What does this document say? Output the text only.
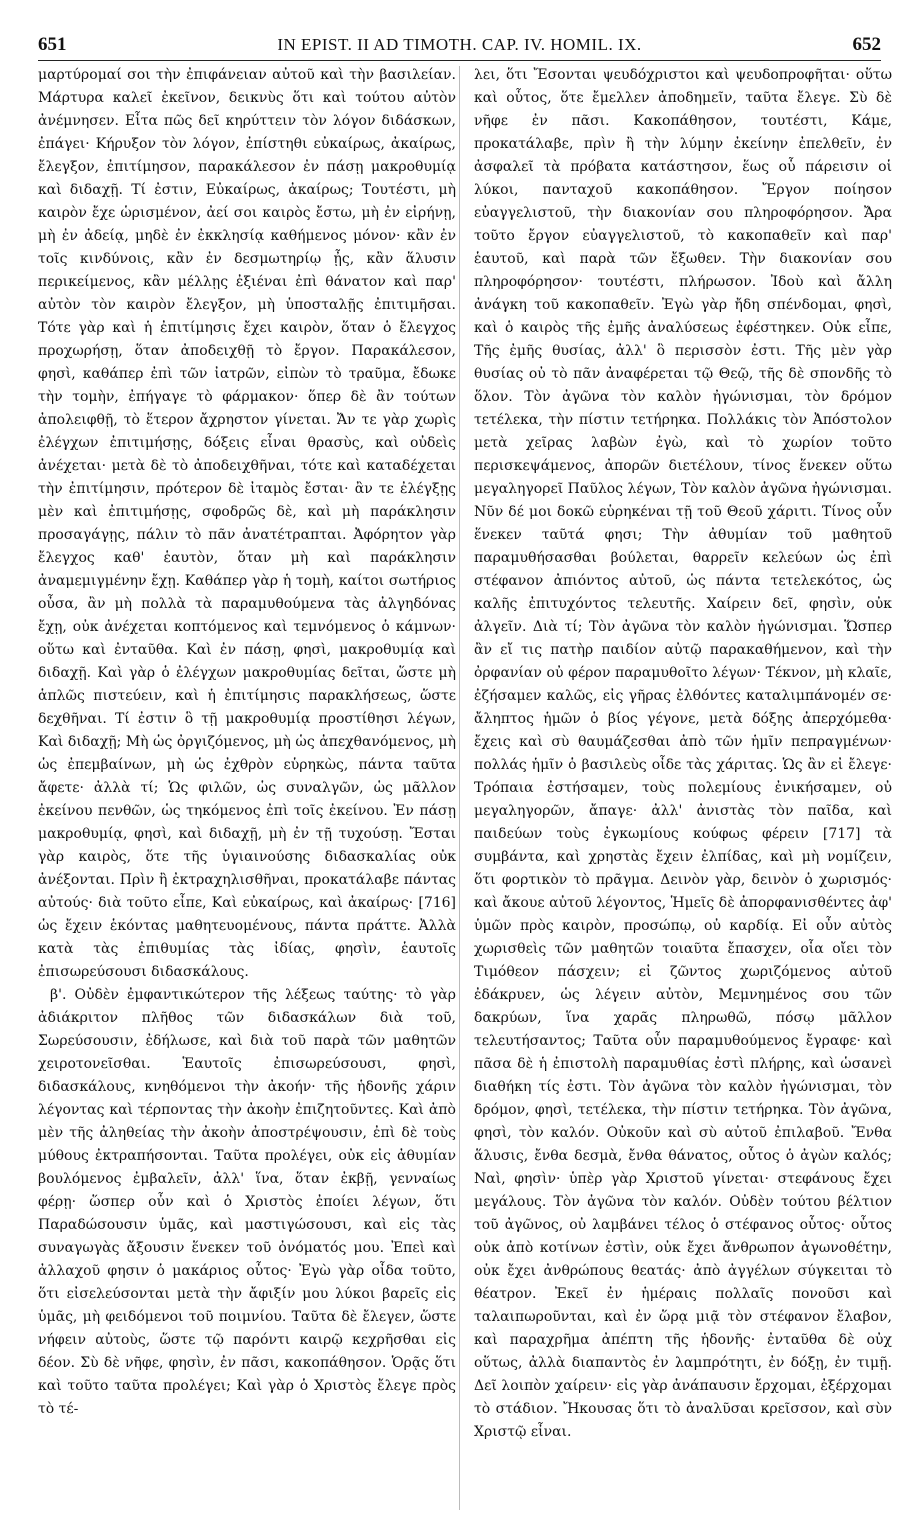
651	IN EPIST. II AD TIMOTH. CAP. IV. HOMIL. IX.	652

μαρτύρομαί σοι τὴν ἐπιφάνειαν αὐτοῦ καὶ τὴν βασιλείαν. Μάρτυρα καλεῖ ἐκεῖνον, δεικνὺς ὅτι καὶ τούτου αὐτὸν ἀνέμνησεν. Εἶτα πῶς δεῖ κηρύττειν τὸν λόγον διδάσκων, ἐπάγει· Κήρυξον τὸν λόγον, ἐπίστηθι εὐκαίρως, ἀκαίρως, ἔλεγξον, ἐπιτίμησον, παρακάλεσον ἐν πάσῃ μακροθυμίᾳ καὶ διδαχῇ. Τί ἐστιν, Εὐκαίρως, ἀκαίρως; Τουτέστι, μὴ καιρὸν ἔχε ὡρισμένον, ἀεί σοι καιρὸς ἔστω, μὴ ἐν εἰρήνῃ, μὴ ἐν ἀδείᾳ, μηδὲ ἐν ἐκκλησίᾳ καθήμενος μόνον· κἂν ἐν τοῖς κινδύνοις, κἂν ἐν δεσμωτηρίῳ ᾖς, κἂν ἅλυσιν περικείμενος, κἂν μέλλῃς ἐξιέναι ἐπὶ θάνατον καὶ παρ' αὐτὸν τὸν καιρὸν ἔλεγξον, μὴ ὑποσταλῇς ἐπιτιμῆσαι. Τότε γὰρ καὶ ἡ ἐπιτίμησις ἔχει καιρὸν, ὅταν ὁ ἔλεγχος προχωρήσῃ, ὅταν ἀποδειχθῇ τὸ ἔργον. Παρακάλεσον, φησὶ, καθάπερ ἐπὶ τῶν ἰατρῶν, εἰπὼν τὸ τραῦμα, ἔδωκε τὴν τομὴν, ἐπήγαγε τὸ φάρμακον· ὅπερ δὲ ἂν τούτων ἀπολειφθῇ, τὸ ἕτερον ἄχρηστον γίνεται. Ἄν τε γὰρ χωρὶς ἐλέγχων ἐπιτιμήσῃς, δόξεις εἶναι θρασὺς, καὶ οὐδεὶς ἀνέχεται· μετὰ δὲ τὸ ἀποδειχθῆναι, τότε καὶ καταδέχεται τὴν ἐπιτίμησιν, πρότερον δὲ ἰταμὸς ἔσται· ἂν τε ἐλέγξῃς μὲν καὶ ἐπιτιμήσῃς, σφοδρῶς δὲ, καὶ μὴ παράκλησιν προσαγάγῃς, πάλιν τὸ πᾶν ἀνατέτραπται. Ἀφόρητον γὰρ ἔλεγχος καθ' ἑαυτὸν, ὅταν μὴ καὶ παράκλησιν ἀναμεμιγμένην ἔχῃ. Καθάπερ γὰρ ἡ τομὴ, καίτοι σωτήριος οὖσα, ἂν μὴ πολλὰ τὰ παραμυθούμενα τὰς ἀλγηδόνας ἔχῃ, οὐκ ἀνέχεται κοπτόμενος καὶ τεμνόμενος ὁ κάμνων· οὕτω καὶ ἐνταῦθα. Καὶ ἐν πάσῃ, φησὶ, μακροθυμίᾳ καὶ διδαχῇ. Καὶ γὰρ ὁ ἐλέγχων μακροθυμίας δεῖται, ὥστε μὴ ἁπλῶς πιστεύειν, καὶ ἡ ἐπιτίμησις παρακλήσεως, ὥστε δεχθῆναι. Τί ἐστιν ὃ τῇ μακροθυμίᾳ προστίθησι λέγων, Καὶ διδαχῇ; Μὴ ὡς ὀργιζόμενος, μὴ ὡς ἀπεχθανόμενος, μὴ ὡς ἐπεμβαίνων, μὴ ὡς ἐχθρὸν εὑρηκὼς, πάντα ταῦτα ἄφετε· ἀλλὰ τί; Ὡς φιλῶν, ὡς συναλγῶν, ὡς μᾶλλον ἐκείνου πενθῶν, ὡς τηκόμενος ἐπὶ τοῖς ἐκείνου. Ἐν πάσῃ μακροθυμίᾳ, φησὶ, καὶ διδαχῇ, μὴ ἐν τῇ τυχούσῃ. Ἔσται γὰρ καιρὸς, ὅτε τῆς ὑγιαινούσης διδασκαλίας οὐκ ἀνέξονται. Πρὶν ἢ ἐκτραχηλισθῆναι, προκατάλαβε πάντας αὐτούς· διὰ τοῦτο εἶπε, Καὶ εὐκαίρως, καὶ ἀκαίρως· [716] ὡς ἔχειν ἑκόντας μαθητευομένους, πάντα πράττε. Ἀλλὰ κατὰ τὰς ἐπιθυμίας τὰς ἰδίας, φησὶν, ἑαυτοῖς ἐπισωρεύσουσι διδασκάλους.

β'. Οὐδὲν ἐμφαντικώτερον τῆς λέξεως ταύτης· τὸ γὰρ ἀδιάκριτον πλῆθος τῶν διδασκάλων διὰ τοῦ, Σωρεύσουσιν, ἐδήλωσε, καὶ διὰ τοῦ παρὰ τῶν μαθητῶν χειροτονεῖσθαι. Ἑαυτοῖς ἐπισωρεύσουσι, φησὶ, διδασκάλους, κνηθόμενοι τὴν ἀκοήν· τῆς ἡδονῆς χάριν λέγοντας καὶ τέρποντας τὴν ἀκοὴν ἐπιζητοῦντες. Καὶ ἀπὸ μὲν τῆς ἀληθείας τὴν ἀκοὴν ἀποστρέψουσιν, ἐπὶ δὲ τοὺς μύθους ἐκτραπήσονται. Ταῦτα προλέγει, οὐκ εἰς ἀθυμίαν βουλόμενος ἐμβαλεῖν, ἀλλ' ἵνα, ὅταν ἐκβῇ, γενναίως φέρῃ· ὥσπερ οὖν καὶ ὁ Χριστὸς ἐποίει λέγων, ὅτι Παραδώσουσιν ὑμᾶς, καὶ μαστιγώσουσι, καὶ εἰς τὰς συναγωγὰς ἄξουσιν ἕνεκεν τοῦ ὀνόματός μου. Ἐπεὶ καὶ ἀλλαχοῦ φησιν ὁ μακάριος οὗτος· Ἐγὼ γὰρ οἶδα τοῦτο, ὅτι εἰσελεύσονται μετὰ τὴν ἄφιξίν μου λύκοι βαρεῖς εἰς ὑμᾶς, μὴ φειδόμενοι τοῦ ποιμνίου. Ταῦτα δὲ ἔλεγεν, ὥστε νήφειν αὐτοὺς, ὥστε τῷ παρόντι καιρῷ κεχρῆσθαι εἰς δέον. Σὺ δὲ νῆφε, φησὶν, ἐν πᾶσι, κακοπάθησον. Ὁρᾷς ὅτι καὶ τοῦτο ταῦτα προλέγει; Καὶ γὰρ ὁ Χριστὸς ἔλεγε πρὸς τὸ τέ-

λει, ὅτι Ἔσονται ψευδόχριστοι καὶ ψευδοπροφῆται· οὕτω καὶ οὗτος, ὅτε ἔμελλεν ἀποδημεῖν, ταῦτα ἔλεγε. Σὺ δὲ νῆφε ἐν πᾶσι. Κακοπάθησον, τουτέστι, Κάμε, προκατάλαβε, πρὶν ἢ τὴν λύμην ἐκείνην ἐπελθεῖν, ἐν ἀσφαλεῖ τὰ πρόβατα κατάστησον, ἕως οὗ πάρεισιν οἱ λύκοι, πανταχοῦ κακοπάθησον. Ἔργον ποίησον εὐαγγελιστοῦ, τὴν διακονίαν σου πληροφόρησον. Ἄρα τοῦτο ἔργον εὐαγγελιστοῦ, τὸ κακοπαθεῖν καὶ παρ' ἑαυτοῦ, καὶ παρὰ τῶν ἔξωθεν. Τὴν διακονίαν σου πληροφόρησον· τουτέστι, πλήρωσον. Ἰδοὺ καὶ ἄλλη ἀνάγκη τοῦ κακοπαθεῖν. Ἐγὼ γὰρ ἤδη σπένδομαι, φησὶ, καὶ ὁ καιρὸς τῆς ἐμῆς ἀναλύσεως ἐφέστηκεν. Οὐκ εἶπε, Τῆς ἐμῆς θυσίας, ἀλλ' ὃ περισσὸν ἐστι. Τῆς μὲν γὰρ θυσίας οὐ τὸ πᾶν ἀναφέρεται τῷ Θεῷ, τῆς δὲ σπονδῆς τὸ ὅλον. Τὸν ἀγῶνα τὸν καλὸν ἠγώνισμαι, τὸν δρόμον τετέλεκα, τὴν πίστιν τετήρηκα. Πολλάκις τὸν Ἀπόστολον μετὰ χεῖρας λαβὼν ἐγὼ, καὶ τὸ χωρίον τοῦτο περισκεψάμενος, ἀπορῶν διετέλουν, τίνος ἕνεκεν οὕτω μεγαληγορεῖ Παῦλος λέγων, Τὸν καλὸν ἀγῶνα ἠγώνισμαι. Νῦν δέ μοι δοκῶ εὑρηκέναι τῇ τοῦ Θεοῦ χάριτι. Τίνος οὖν ἕνεκεν ταῦτά φησι; Τὴν ἀθυμίαν τοῦ μαθητοῦ παραμυθήσασθαι βούλεται, θαρρεῖν κελεύων ὡς ἐπὶ στέφανον ἀπιόντος αὐτοῦ, ὡς πάντα τετελεκότος, ὡς καλῆς ἐπιτυχόντος τελευτῆς. Χαίρειν δεῖ, φησὶν, οὐκ ἀλγεῖν. Διὰ τί; Τὸν ἀγῶνα τὸν καλὸν ἠγώνισμαι. Ὥσπερ ἂν εἴ τις πατὴρ παιδίον αὐτῷ παρακαθήμενον, καὶ τὴν ὀρφανίαν οὐ φέρον παραμυθοῖτο λέγων· Τέκνον, μὴ κλαῖε, ἐζήσαμεν καλῶς, εἰς γῆρας ἐλθόντες καταλιμπάνομέν σε· ἄληπτος ἡμῶν ὁ βίος γέγονε, μετὰ δόξης ἀπερχόμεθα· ἔχεις καὶ σὺ θαυμάζεσθαι ἀπὸ τῶν ἡμῖν πεπραγμένων· πολλάς ἡμῖν ὁ βασιλεὺς οἶδε τὰς χάριτας. Ὡς ἂν εἰ ἔλεγε· Τρόπαια ἐστήσαμεν, τοὺς πολεμίους ἐνικήσαμεν, οὐ μεγαληγορῶν, ἄπαγε· ἀλλ' ἀνιστὰς τὸν παῖδα, καὶ παιδεύων τοὺς ἐγκωμίους κούφως φέρειν [717] τὰ συμβάντα, καὶ χρηστὰς ἔχειν ἐλπίδας, καὶ μὴ νομίζειν, ὅτι φορτικὸν τὸ πρᾶγμα. Δεινὸν γὰρ, δεινὸν ὁ χωρισμός· καὶ ἄκουε αὐτοῦ λέγοντος, Ἡμεῖς δὲ ἀπορφανισθέντες ἀφ' ὑμῶν πρὸς καιρὸν, προσώπῳ, οὐ καρδίᾳ. Εἰ οὖν αὐτὸς χωρισθεὶς τῶν μαθητῶν τοιαῦτα ἔπασχεν, οἷα οἴει τὸν Τιμόθεον πάσχειν; εἰ ζῶντος χωριζόμενος αὐτοῦ ἐδάκρυεν, ὡς λέγειν αὐτὸν, Μεμνημένος σου τῶν δακρύων, ἵνα χαρᾶς πληρωθῶ, πόσῳ μᾶλλον τελευτήσαντος; Ταῦτα οὖν παραμυθούμενος ἔγραφε· καὶ πᾶσα δὲ ἡ ἐπιστολὴ παραμυθίας ἐστὶ πλήρης, καὶ ὡσανεὶ διαθήκη τίς ἐστι. Τὸν ἀγῶνα τὸν καλὸν ἠγώνισμαι, τὸν δρόμον, φησὶ, τετέλεκα, τὴν πίστιν τετήρηκα. Τὸν ἀγῶνα, φησὶ, τὸν καλόν. Οὐκοῦν καὶ σὺ αὐτοῦ ἐπιλαβοῦ. Ἔνθα ἅλυσις, ἔνθα δεσμὰ, ἔνθα θάνατος, οὗτος ὁ ἀγὼν καλός; Ναὶ, φησὶν· ὑπὲρ γὰρ Χριστοῦ γίνεται· στεφάνους ἔχει μεγάλους. Τὸν ἀγῶνα τὸν καλόν. Οὐδὲν τούτου βέλτιον τοῦ ἀγῶνος, οὐ λαμβάνει τέλος ὁ στέφανος οὗτος· οὗτος οὐκ ἀπὸ κοτίνων ἐστὶν, οὐκ ἔχει ἄνθρωπον ἀγωνοθέτην, οὐκ ἔχει ἀνθρώπους θεατάς· ἀπὸ ἀγγέλων σύγκειται τὸ θέατρον. Ἐκεῖ ἐν ἡμέραις πολλαῖς πονοῦσι καὶ ταλαιπωροῦνται, καὶ ἐν ὥρᾳ μιᾷ τὸν στέφανον ἔλαβον, καὶ παραχρῆμα ἀπέπτη τῆς ἡδονῆς· ἐνταῦθα δὲ οὐχ οὕτως, ἀλλὰ διαπαντὸς ἐν λαμπρότητι, ἐν δόξῃ, ἐν τιμῇ. Δεῖ λοιπὸν χαίρειν· εἰς γὰρ ἀνάπαυσιν ἔρχομαι, ἐξέρχομαι τὸ στάδιον. Ἤκουσας ὅτι τὸ ἀναλῦσαι κρεῖσσον, καὶ σὺν Χριστῷ εἶναι.
